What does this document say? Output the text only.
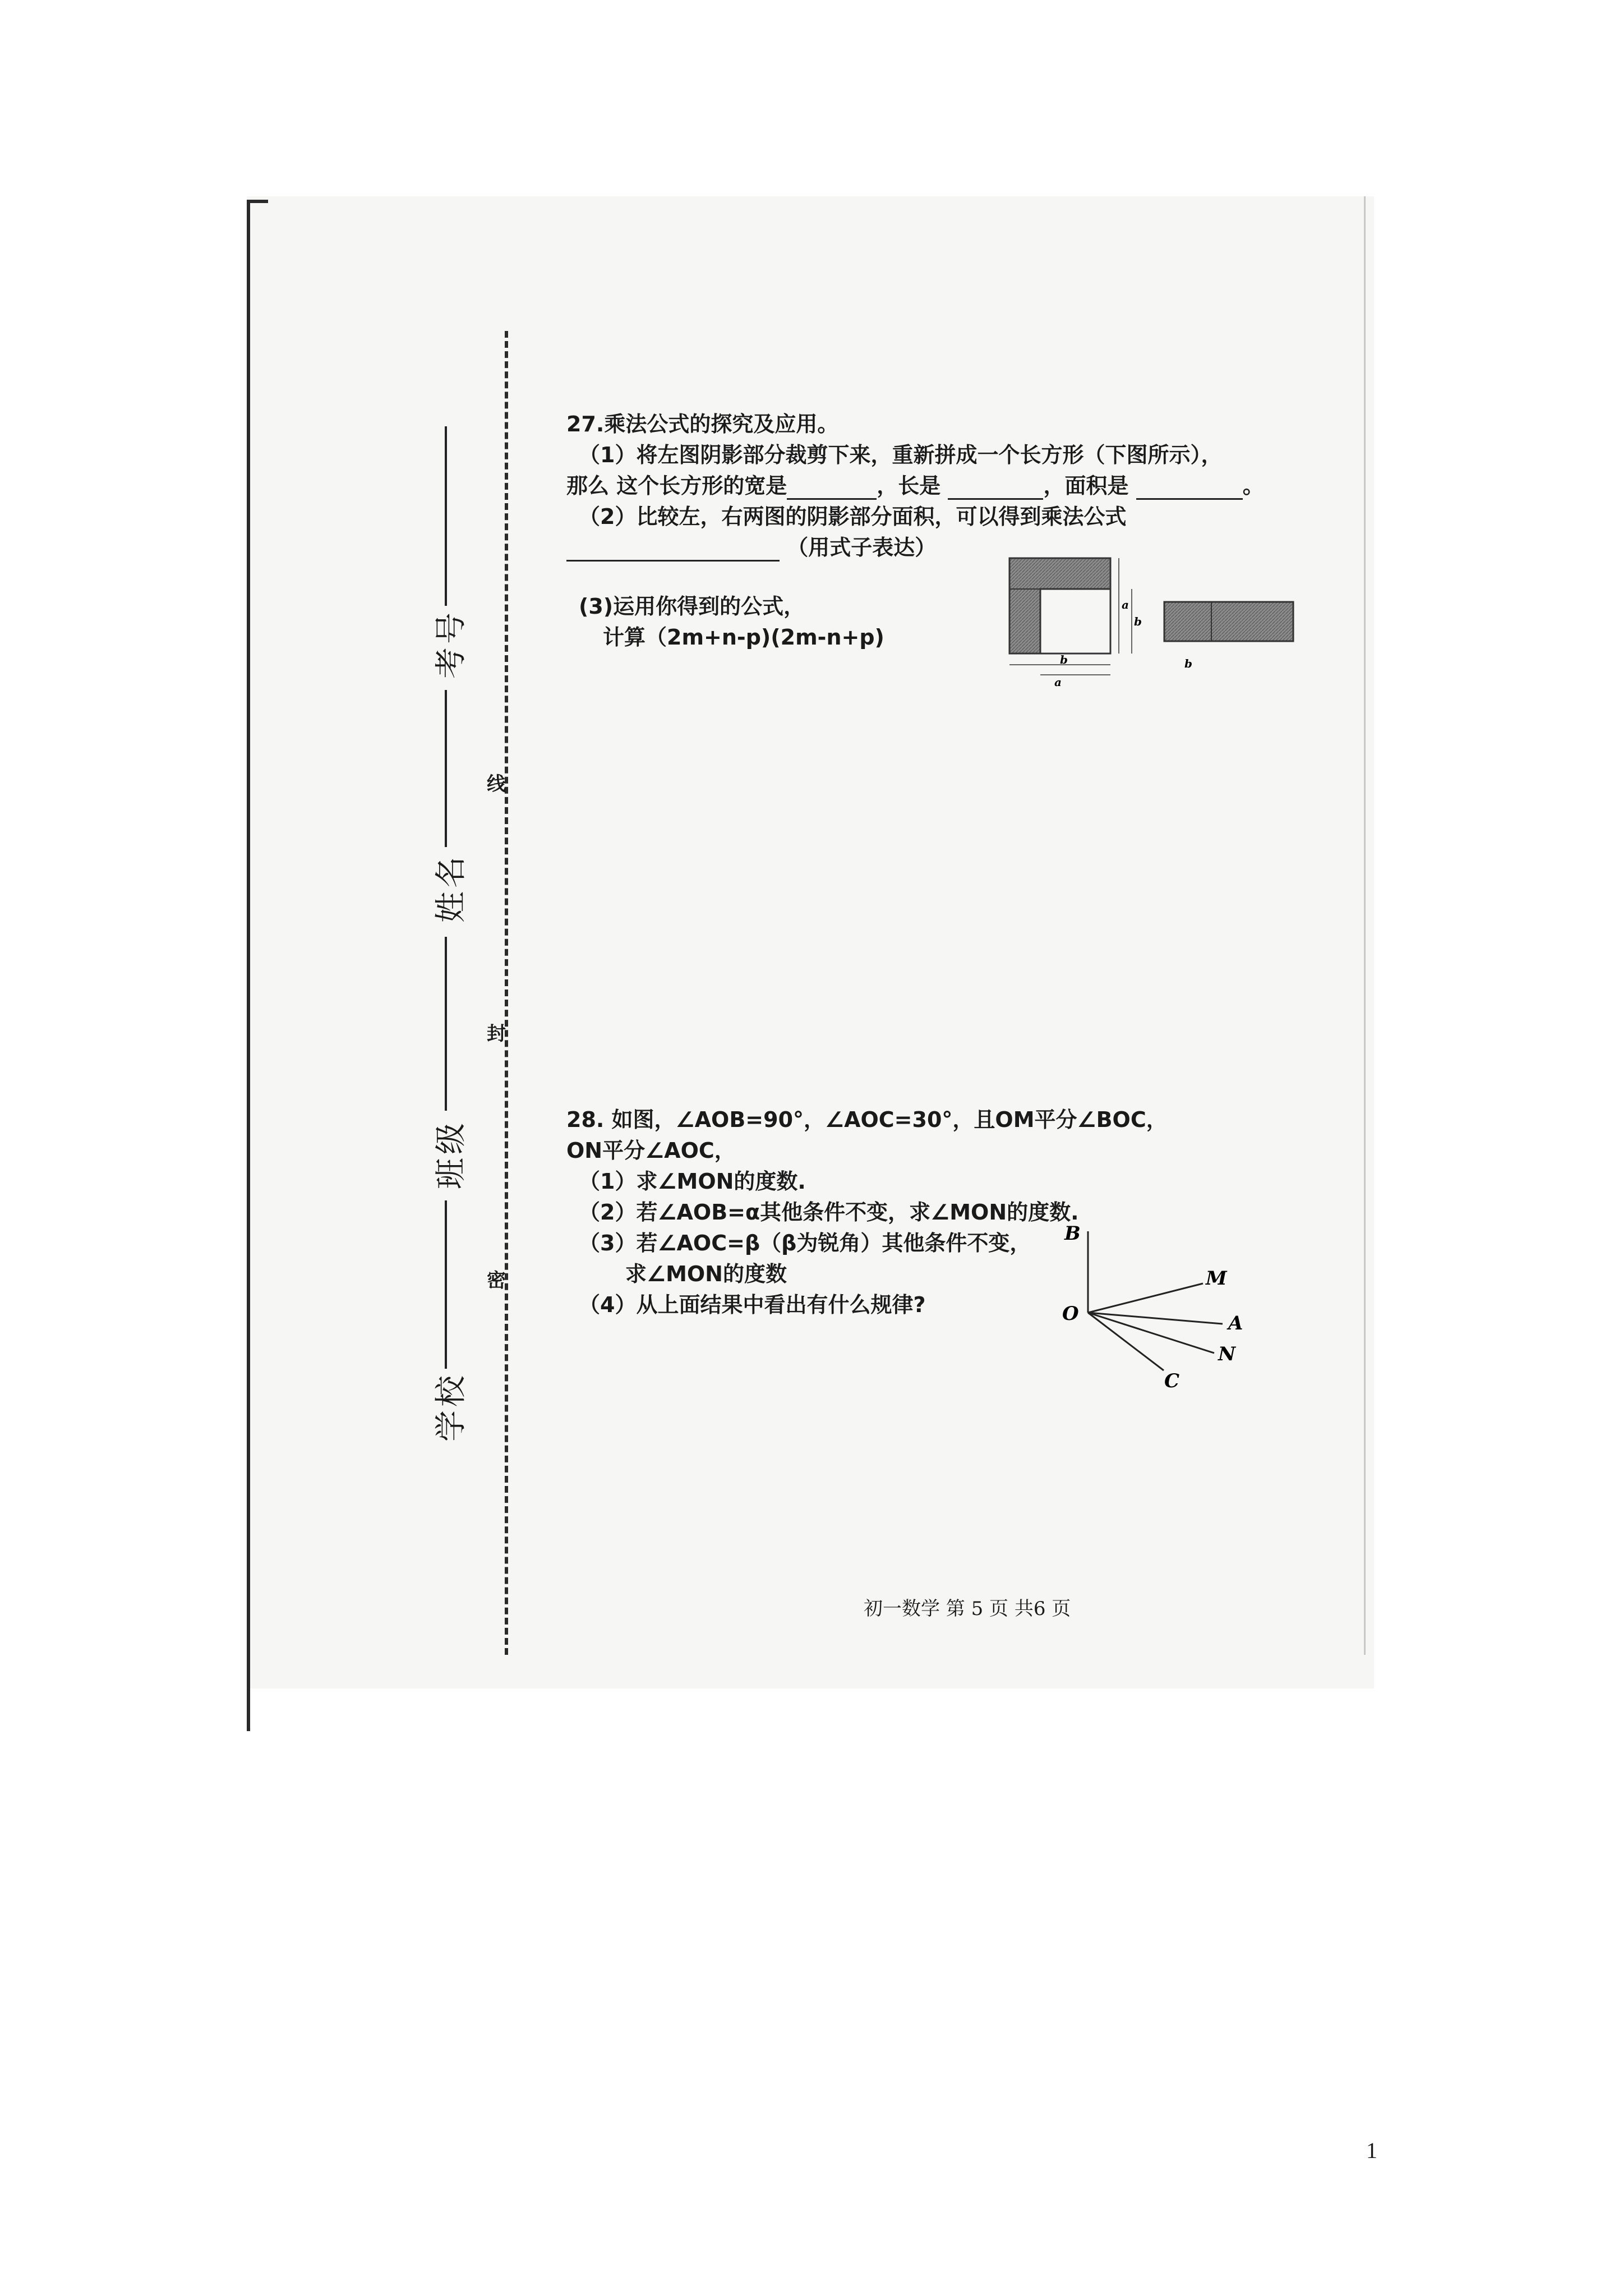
线
封
密
考号
姓名
班级
学校
27.乘法公式的探究及应用。
（1）将左图阴影部分裁剪下来，重新拼成一个长方形（下图所示），
那么 这个长方形的宽是	，长是	，面积是	。
（2）比较左，右两图的阴影部分面积，可以得到乘法公式
（用式子表达）
(3)运用你得到的公式，
计算（2m+n-p)(2m-n+p)
a
b
b
a
b
28. 如图，∠AOB=90°，∠AOC=30°，且OM平分∠BOC，
ON平分∠AOC，
（1）求∠MON的度数.
（2）若∠AOB=α其他条件不变，求∠MON的度数.
（3）若∠AOC=β（β为锐角）其他条件不变，
求∠MON的度数
（4）从上面结果中看出有什么规律?
B
O
M
A
N
C
初一数学 第 5 页 共6 页
1
